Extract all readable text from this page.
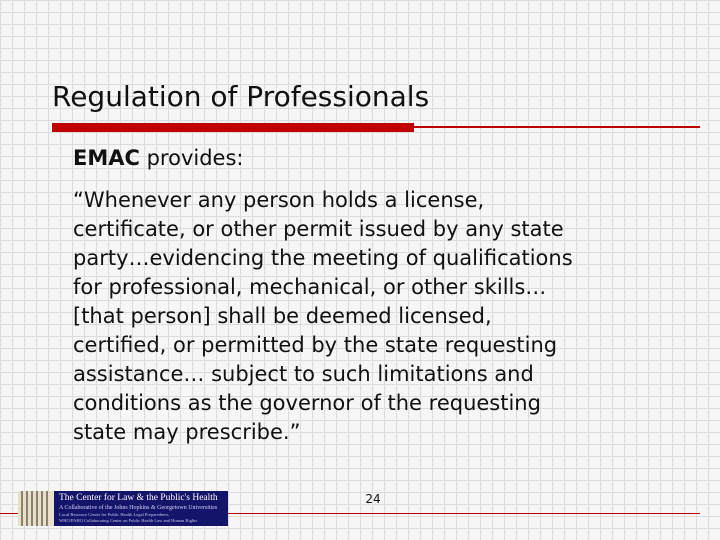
Regulation of Professionals
EMAC provides:
“Whenever any person holds a license,
certificate, or other permit issued by any state
party…evidencing the meeting of qualifications
for professional, mechanical, or other skills…
[that person] shall be deemed licensed,
certified, or permitted by the state requesting
assistance… subject to such limitations and
conditions as the governor of the requesting
state may prescribe.”
24
The Center for Law & the Public's Health
A Collaborative of the Johns Hopkins & Georgetown Universities
Local Resource Center for Public Health Legal Preparedness
WHO/PAHO Collaborating Center on Public Health Law and Human Rights
